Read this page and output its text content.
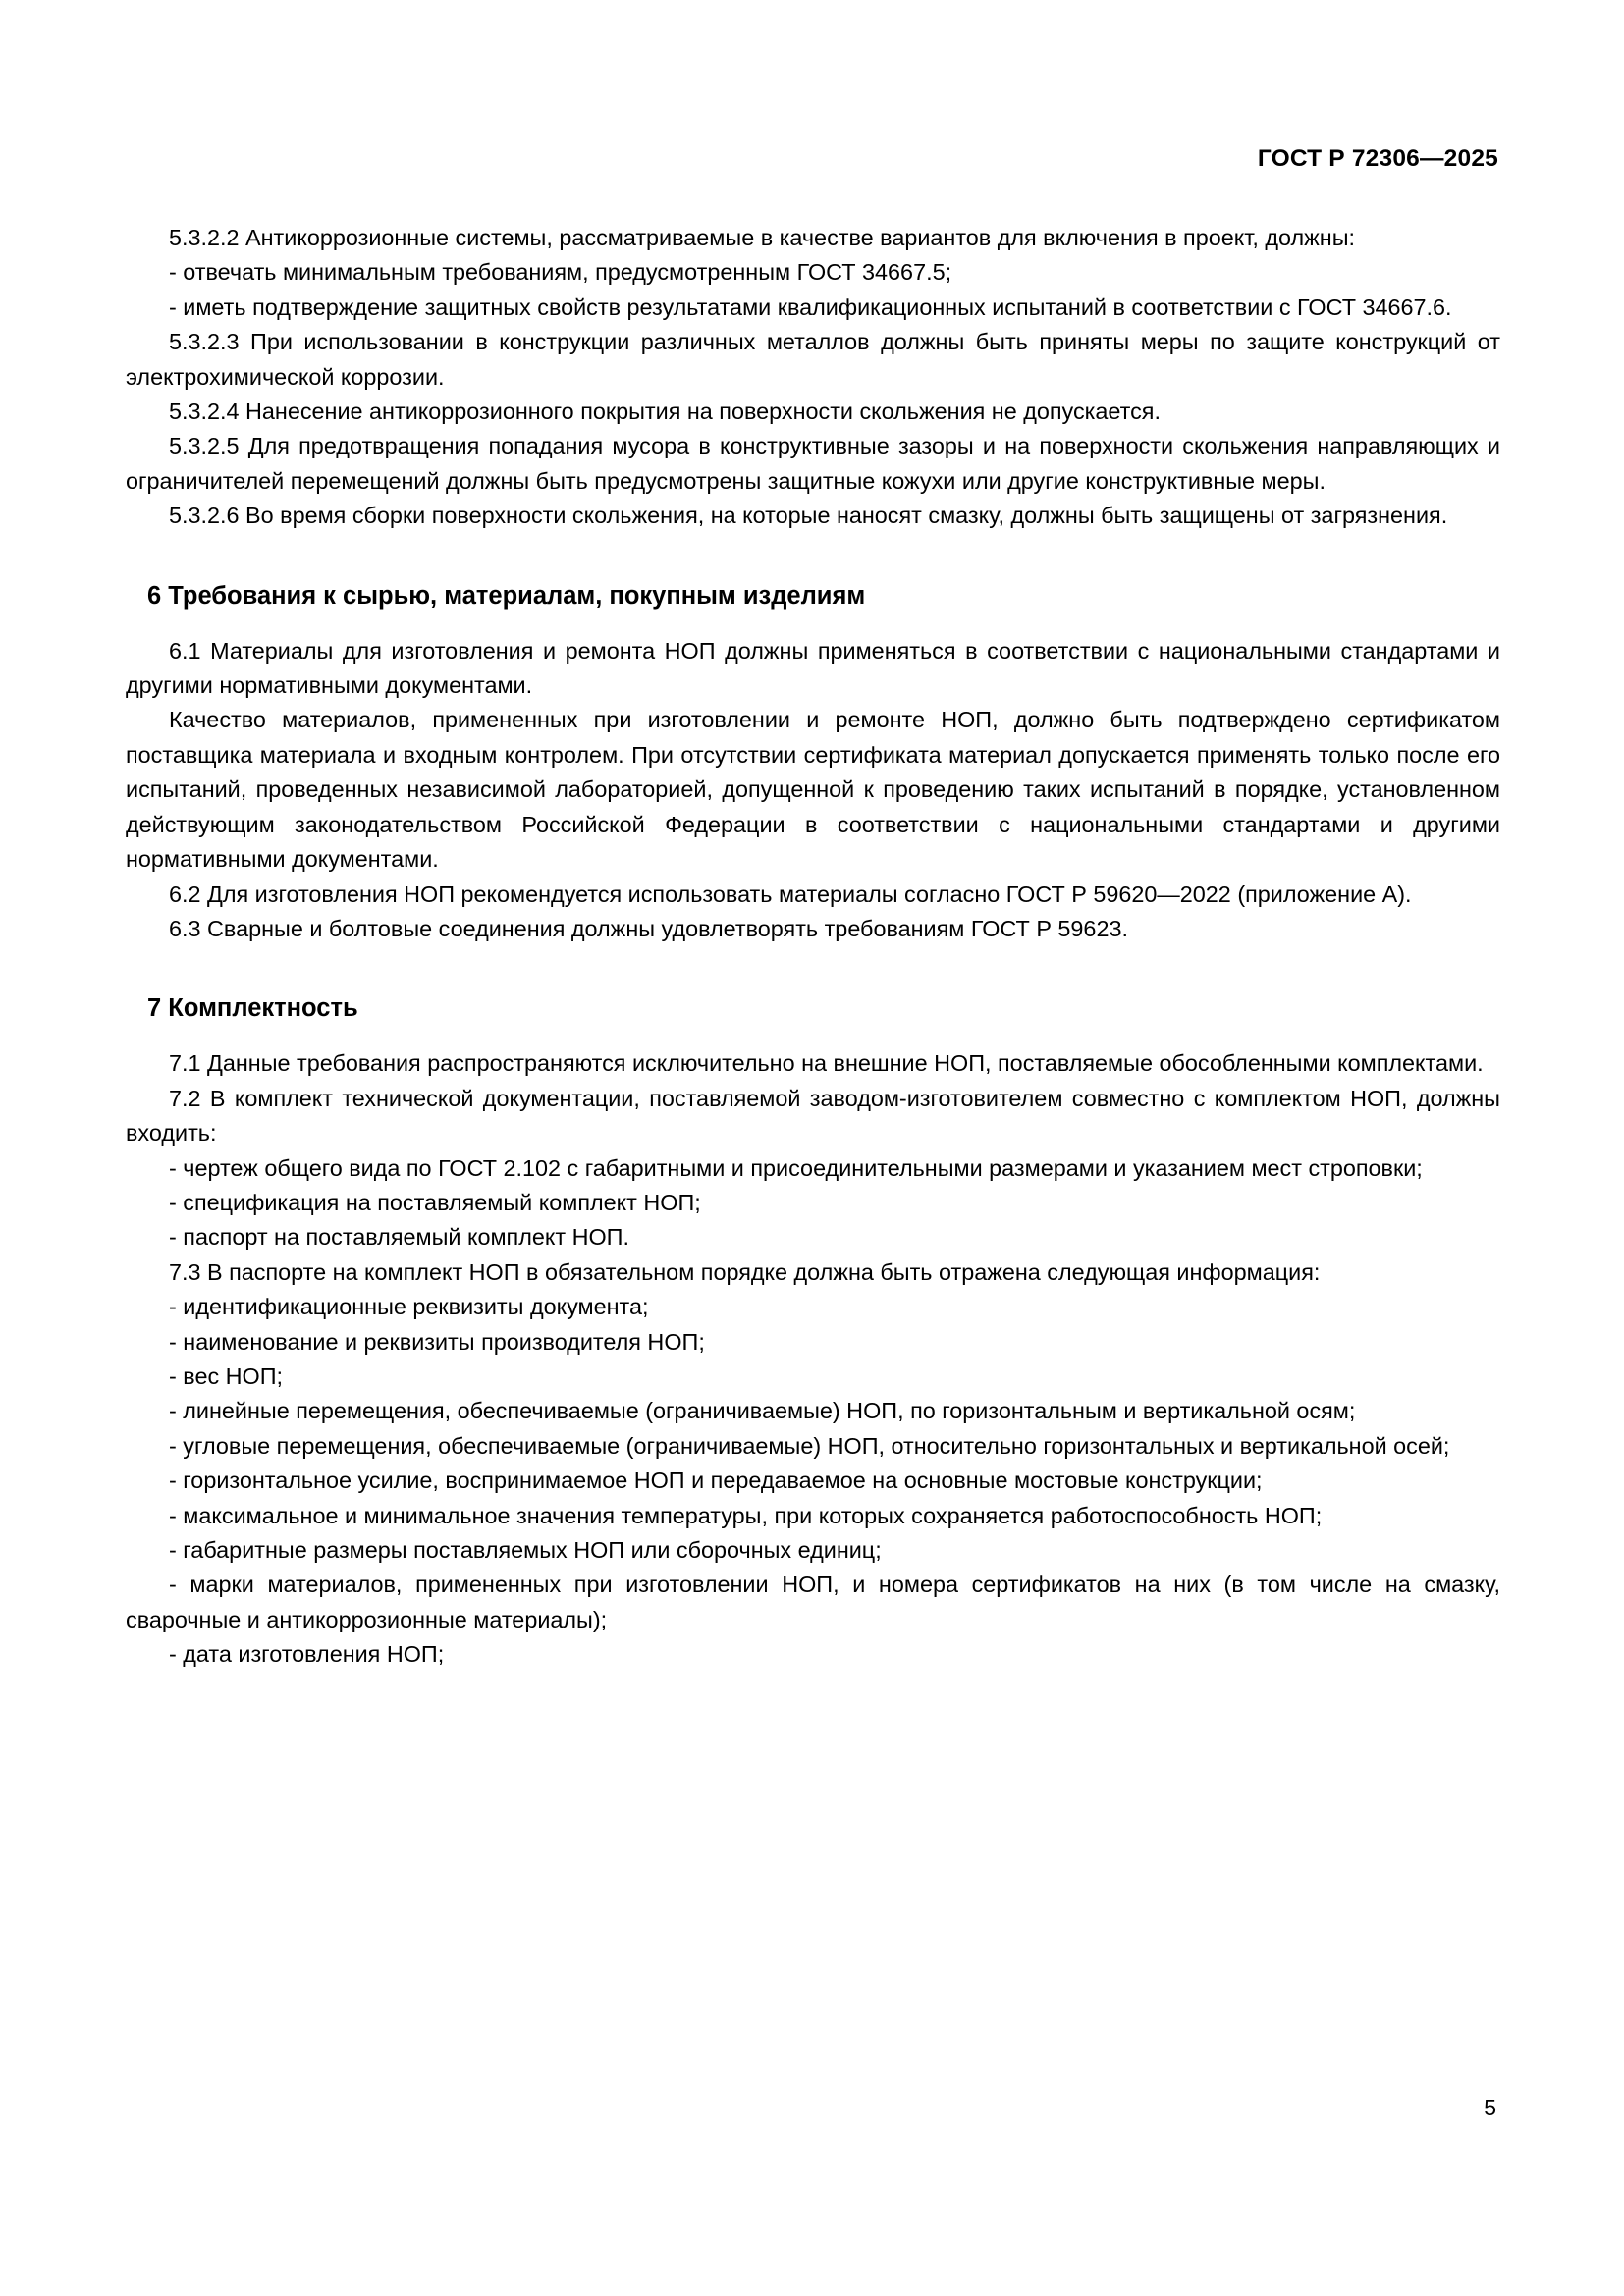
ГОСТ Р 72306—2025

5.3.2.2 Антикоррозионные системы, рассматриваемые в качестве вариантов для включения в проект, должны:

- отвечать минимальным требованиям, предусмотренным ГОСТ 34667.5;

- иметь подтверждение защитных свойств результатами квалификационных испытаний в соответствии с ГОСТ 34667.6.

5.3.2.3 При использовании в конструкции различных металлов должны быть приняты меры по защите конструкций от электрохимической коррозии.

5.3.2.4 Нанесение антикоррозионного покрытия на поверхности скольжения не допускается.

5.3.2.5 Для предотвращения попадания мусора в конструктивные зазоры и на поверхности скольжения направляющих и ограничителей перемещений должны быть предусмотрены защитные кожухи или другие конструктивные меры.

5.3.2.6 Во время сборки поверхности скольжения, на которые наносят смазку, должны быть защищены от загрязнения.

6 Требования к сырью, материалам, покупным изделиям

6.1 Материалы для изготовления и ремонта НОП должны применяться в соответствии с национальными стандартами и другими нормативными документами.

Качество материалов, примененных при изготовлении и ремонте НОП, должно быть подтверждено сертификатом поставщика материала и входным контролем. При отсутствии сертификата материал допускается применять только после его испытаний, проведенных независимой лабораторией, допущенной к проведению таких испытаний в порядке, установленном действующим законодательством Российской Федерации в соответствии с национальными стандартами и другими нормативными документами.

6.2 Для изготовления НОП рекомендуется использовать материалы согласно ГОСТ Р 59620—2022 (приложение А).

6.3 Сварные и болтовые соединения должны удовлетворять требованиям ГОСТ Р 59623.

7 Комплектность

7.1 Данные требования распространяются исключительно на внешние НОП, поставляемые обособленными комплектами.

7.2 В комплект технической документации, поставляемой заводом-изготовителем совместно с комплектом НОП, должны входить:

- чертеж общего вида по ГОСТ 2.102 с габаритными и присоединительными размерами и указанием мест строповки;

- спецификация на поставляемый комплект НОП;

- паспорт на поставляемый комплект НОП.

7.3 В паспорте на комплект НОП в обязательном порядке должна быть отражена следующая информация:

- идентификационные реквизиты документа;

- наименование и реквизиты производителя НОП;

- вес НОП;

- линейные перемещения, обеспечиваемые (ограничиваемые) НОП, по горизонтальным и вертикальной осям;

- угловые перемещения, обеспечиваемые (ограничиваемые) НОП, относительно горизонтальных и вертикальной осей;

- горизонтальное усилие, воспринимаемое НОП и передаваемое на основные мостовые конструкции;

- максимальное и минимальное значения температуры, при которых сохраняется работоспособность НОП;

- габаритные размеры поставляемых НОП или сборочных единиц;

- марки материалов, примененных при изготовлении НОП, и номера сертификатов на них (в том числе на смазку, сварочные и антикоррозионные материалы);

- дата изготовления НОП;

5
